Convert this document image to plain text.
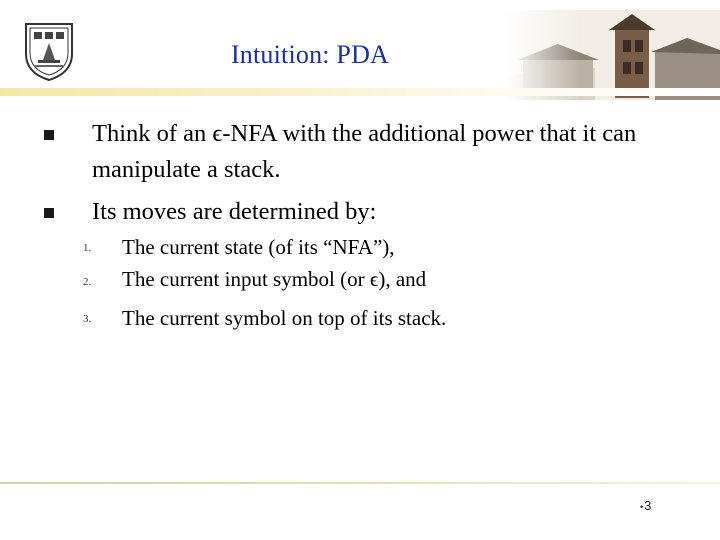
Intuition: PDA
Think of an ϵ-NFA with the additional power that it can manipulate a stack.
Its moves are determined by:
1. The current state (of its “NFA”),
2. The current input symbol (or ϵ), and
3. The current symbol on top of its stack.
•3
